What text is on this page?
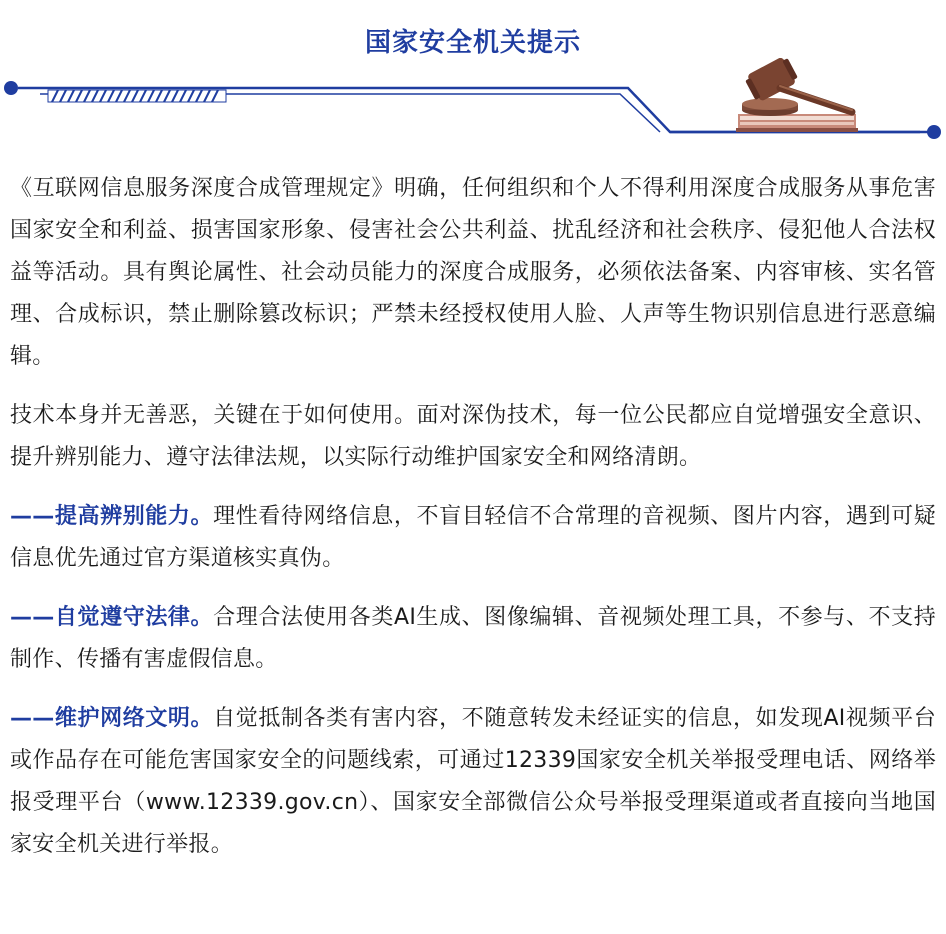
国家安全机关提示

《互联网信息服务深度合成管理规定》明确，任何组织和个人不得利用深度合成服务从事危害国家安全和利益、损害国家形象、侵害社会公共利益、扰乱经济和社会秩序、侵犯他人合法权益等活动。具有舆论属性、社会动员能力的深度合成服务，必须依法备案、内容审核、实名管理、合成标识，禁止删除篡改标识；严禁未经授权使用人脸、人声等生物识别信息进行恶意编辑。

技术本身并无善恶，关键在于如何使用。面对深伪技术，每一位公民都应自觉增强安全意识、提升辨别能力、遵守法律法规，以实际行动维护国家安全和网络清朗。

——提高辨别能力。理性看待网络信息，不盲目轻信不合常理的音视频、图片内容，遇到可疑信息优先通过官方渠道核实真伪。

——自觉遵守法律。合理合法使用各类AI生成、图像编辑、音视频处理工具，不参与、不支持制作、传播有害虚假信息。

——维护网络文明。自觉抵制各类有害内容，不随意转发未经证实的信息，如发现AI视频平台或作品存在可能危害国家安全的问题线索，可通过12339国家安全机关举报受理电话、网络举报受理平台（www.12339.gov.cn）、国家安全部微信公众号举报受理渠道或者直接向当地国家安全机关进行举报。
